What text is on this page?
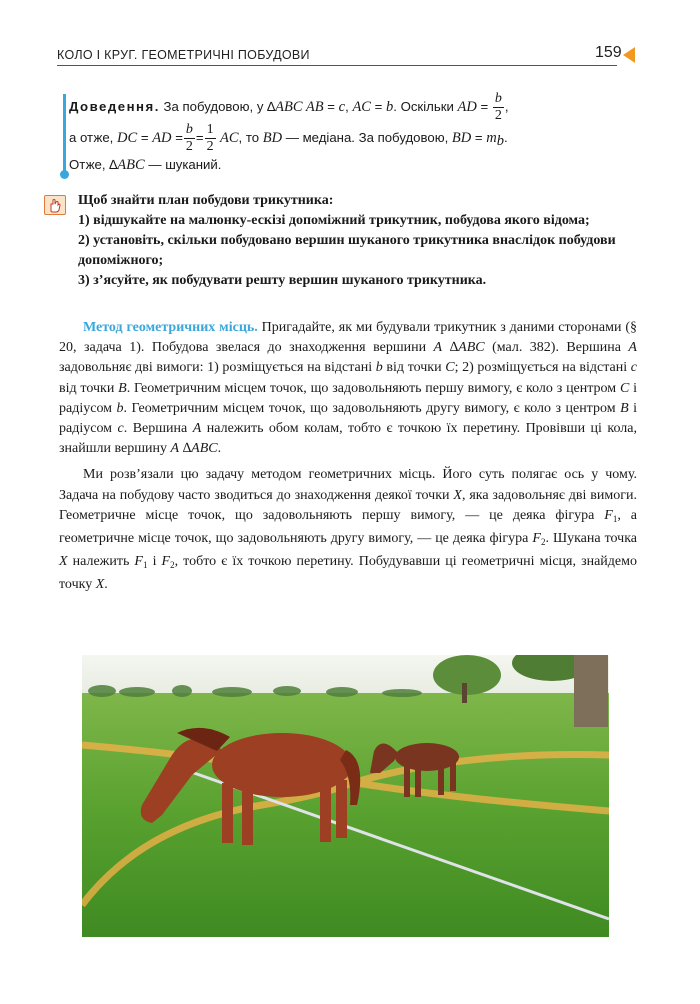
КОЛО І КРУГ. ГЕОМЕТРИЧНІ ПОБУДОВИ	159
Доведення. За побудовою, у ∆ABC AB = c, AC = b. Оскільки AD = $\frac{b}{2}$ ,
а отже, DC = AD = $\frac{b}{2} = \frac{1}{2}$ AC, то BD — медіана. За побудовою, BD = mb.
Отже, ∆ABC — шуканий.

Щоб знайти план побудови трикутника:

1) відшукайте на малюнку-ескізі допоміжний трикутник, побудова якого відома;

2) установіть, скільки побудовано вершин шуканого трикутника внаслідок побудови допоміжного;

3) з’ясуйте, як побудувати решту вершин шуканого трикутника.

Метод геометричних місць. Пригадайте, як ми будували трикутник з даними сторонами (§ 20, задача 1). Побудова звелася до знаходження вершини A ∆ABC (мал. 382). Вершина A задовольняє дві вимоги: 1) розміщується на відстані b від точки C; 2) розміщується на відстані c від точки B. Геометричним місцем точок, що задовольняють першу вимогу, є коло з центром C і радіусом b. Геометричним місцем точок, що задовольняють другу вимогу, є коло з центром B і радіусом c. Вершина A належить обом колам, тобто є точкою їх перетину. Провівши ці кола, знайшли вершину A ∆ABC.

Ми розв’язали цю задачу методом геометричних місць. Його суть полягає ось у чому. Задача на побудову часто зводиться до знаходження деякої точки X, яка задовольняє дві вимоги. Геометричне місце точок, що задовольняють першу вимогу, — це деяка фігура $F_1$, а геометричне місце точок, що задовольняють другу вимогу, — це деяка фігура $F_2$. Шукана точка X належить $F_1$ і $F_2$, тобто є їх точкою перетину. Побудувавши ці геометричні місця, знайдемо точку X.
